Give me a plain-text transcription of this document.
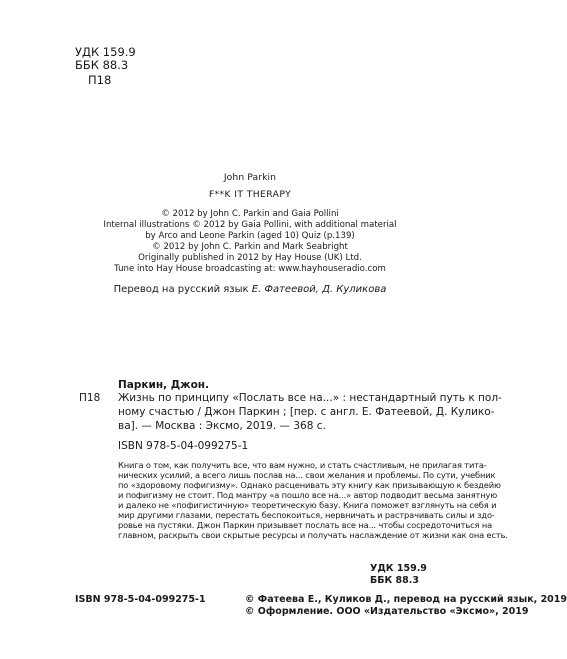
УДК 159.9
ББК 88.3
П18
John Parkin
F**K IT THERAPY
© 2012 by John C. Parkin and Gaia Pollini
Internal illustrations © 2012 by Gaia Pollini, with additional material
by Arco and Leone Parkin (aged 10) Quiz (p.139)
© 2012 by John C. Parkin and Mark Seabright
Originally published in 2012 by Hay House (UK) Ltd.
Tune into Hay House broadcasting at: www.hayhouseradio.com
Перевод на русский язык Е. Фатеевой, Д. Куликова
Паркин, Джон.
П18 Жизнь по принципу «Послать все на...» : нестандартный путь к пол-
ному счастью / Джон Паркин ; [пер. с англ. Е. Фатеевой, Д. Кулико-
ва]. — Москва : Эксмо, 2019. — 368 с.
ISBN 978-5-04-099275-1
Книга о том, как получить все, что вам нужно, и стать счастливым, не прилагая тита-
нических усилий, а всего лишь послав на... свои желания и проблемы. По сути, учебник
по «здоровому пофигизму». Однако расценивать эту книгу как призывающую к бездейю
и пофигизму не стоит. Под мантру «а пошло все на...» автор подводит весьма занятную
и далеко не «пофигистичную» теоретическую базу. Книга поможет взглянуть на себя и
мир другими глазами, перестать беспокоиться, нервничать и растрачивать силы и здо-
ровье на пустяки. Джон Паркин призывает послать все на... чтобы сосредоточиться на
главном, раскрыть свои скрытые ресурсы и получать наслаждение от жизни как она есть.
УДК 159.9
ББК 88.3
ISBN 978-5-04-099275-1	© Фатеева Е., Куликов Д., перевод на русский язык, 2019
© Оформление. ООО «Издательство «Эксмо», 2019
